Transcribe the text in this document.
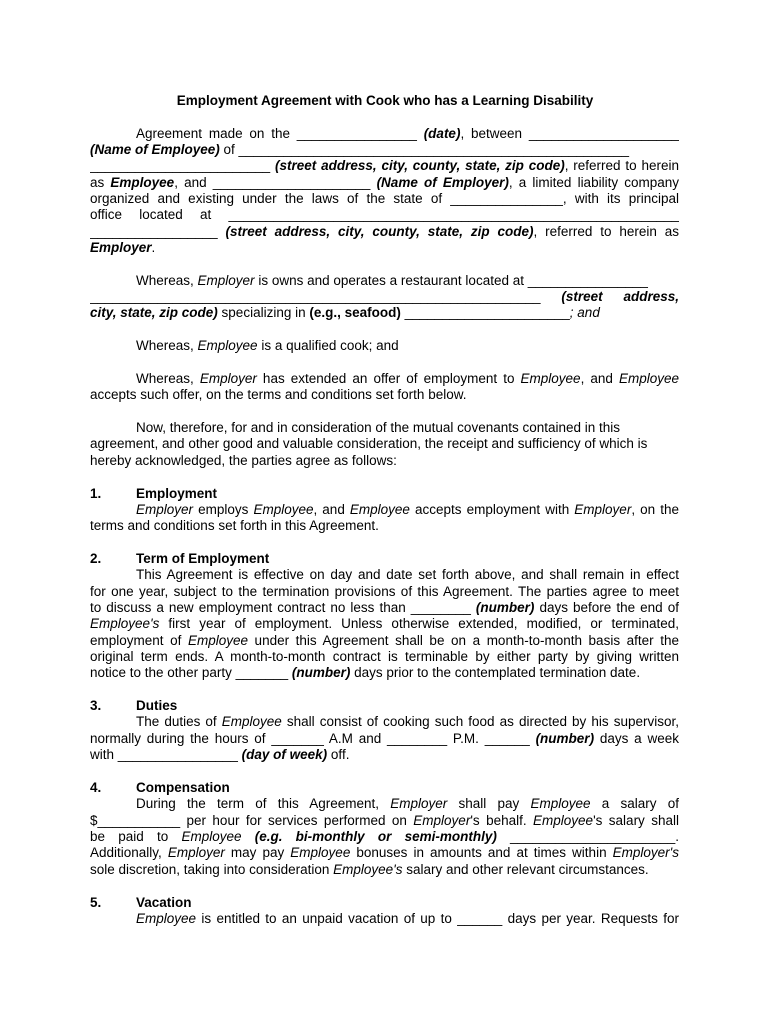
Employment Agreement with Cook who has a Learning Disability
Agreement made on the ________________ (date), between ____________________
(Name of Employee) of ____________________________________________________
________________________ (street address, city, county, state, zip code), referred to herein
as Employee, and _____________________ (Name of Employer), a limited liability company
organized and existing under the laws of the state of _______________, with its principal
office located at ____________________________________________________________
_________________ (street address, city, county, state, zip code), referred to herein as
Employer.
Whereas, Employer is owns and operates a restaurant located at ________________
____________________________________________________________ (street address,
city, state, zip code) specializing in (e.g., seafood) ______________________; and
Whereas, Employee is a qualified cook; and
Whereas, Employer has extended an offer of employment to Employee, and Employee
accepts such offer, on the terms and conditions set forth below.
Now, therefore, for and in consideration of the mutual covenants contained in this
agreement, and other good and valuable consideration, the receipt and sufficiency of which is
hereby acknowledged, the parties agree as follows:
1.	Employment
Employer employs Employee, and Employee accepts employment with Employer, on the
terms and conditions set forth in this Agreement.
2.	Term of Employment
This Agreement is effective on day and date set forth above, and shall remain in effect
for one year, subject to the termination provisions of this Agreement. The parties agree to meet
to discuss a new employment contract no less than ________ (number) days before the end of
Employee's first year of employment. Unless otherwise extended, modified, or terminated,
employment of Employee under this Agreement shall be on a month-to-month basis after the
original term ends. A month-to-month contract is terminable by either party by giving written
notice to the other party _______ (number) days prior to the contemplated termination date.
3.	Duties
The duties of Employee shall consist of cooking such food as directed by his supervisor,
normally during the hours of _______ A.M and ________ P.M. ______ (number) days a week
with ________________ (day of week) off.
4.	Compensation
During the term of this Agreement, Employer shall pay Employee a salary of
$___________ per hour for services performed on Employer's behalf. Employee's salary shall
be paid to Employee (e.g. bi-monthly or semi-monthly) ______________________.
Additionally, Employer may pay Employee bonuses in amounts and at times within Employer's
sole discretion, taking into consideration Employee's salary and other relevant circumstances.
5.	Vacation
Employee is entitled to an unpaid vacation of up to ______ days per year. Requests for
